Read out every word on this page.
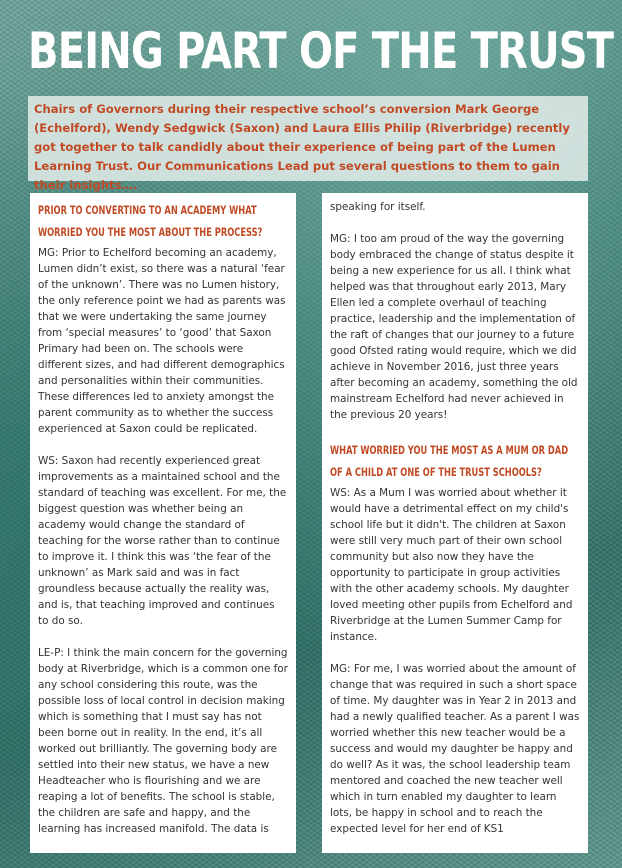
BEING PART OF THE TRUST
Chairs of Governors during their respective school’s conversion Mark George (Echelford), Wendy Sedgwick (Saxon) and Laura Ellis Philip (Riverbridge) recently got together to talk candidly about their experience of being part of the Lumen Learning Trust. Our Communications Lead put several questions to them to gain their insights….
PRIOR TO CONVERTING TO AN ACADEMY WHAT WORRIED YOU THE MOST ABOUT THE PROCESS?

MG: Prior to Echelford becoming an academy, Lumen didn’t exist, so there was a natural ‘fear of the unknown’. There was no Lumen history, the only reference point we had as parents was that we were undertaking the same journey from ‘special measures’ to ‘good’ that Saxon Primary had been on. The schools were different sizes, and had different demographics and personalities within their communities. These differences led to anxiety amongst the parent community as to whether the success experienced at Saxon could be replicated.

WS: Saxon had recently experienced great improvements as a maintained school and the standard of teaching was excellent. For me, the biggest question was whether being an academy would change the standard of teaching for the worse rather than to continue to improve it. I think this was ‘the fear of the unknown’ as Mark said and was in fact groundless because actually the reality was, and is, that teaching improved and continues to do so.

LE-P: I think the main concern for the governing body at Riverbridge, which is a common one for any school considering this route, was the possible loss of local control in decision making which is something that I must say has not been borne out in reality. In the end, it’s all worked out brilliantly. The governing body are settled into their new status, we have a new Headteacher who is flourishing and we are reaping a lot of benefits. The school is stable, the children are safe and happy, and the learning has increased manifold. The data is

speaking for itself.

MG: I too am proud of the way the governing body embraced the change of status despite it being a new experience for us all. I think what helped was that throughout early 2013, Mary Ellen led a complete overhaul of teaching practice, leadership and the implementation of the raft of changes that our journey to a future good Ofsted rating would require, which we did achieve in November 2016, just three years after becoming an academy, something the old mainstream Echelford had never achieved in the previous 20 years!

WHAT WORRIED YOU THE MOST AS A MUM OR DAD OF A CHILD AT ONE OF THE TRUST SCHOOLS?

WS: As a Mum I was worried about whether it would have a detrimental effect on my child's school life but it didn't. The children at Saxon were still very much part of their own school community but also now they have the opportunity to participate in group activities with the other academy schools. My daughter loved meeting other pupils from Echelford and Riverbridge at the Lumen Summer Camp for instance.

MG: For me, I was worried about the amount of change that was required in such a short space of time. My daughter was in Year 2 in 2013 and had a newly qualified teacher. As a parent I was worried whether this new teacher would be a success and would my daughter be happy and do well? As it was, the school leadership team mentored and coached the new teacher well which in turn enabled my daughter to learn lots, be happy in school and to reach the expected level for her end of KS1
